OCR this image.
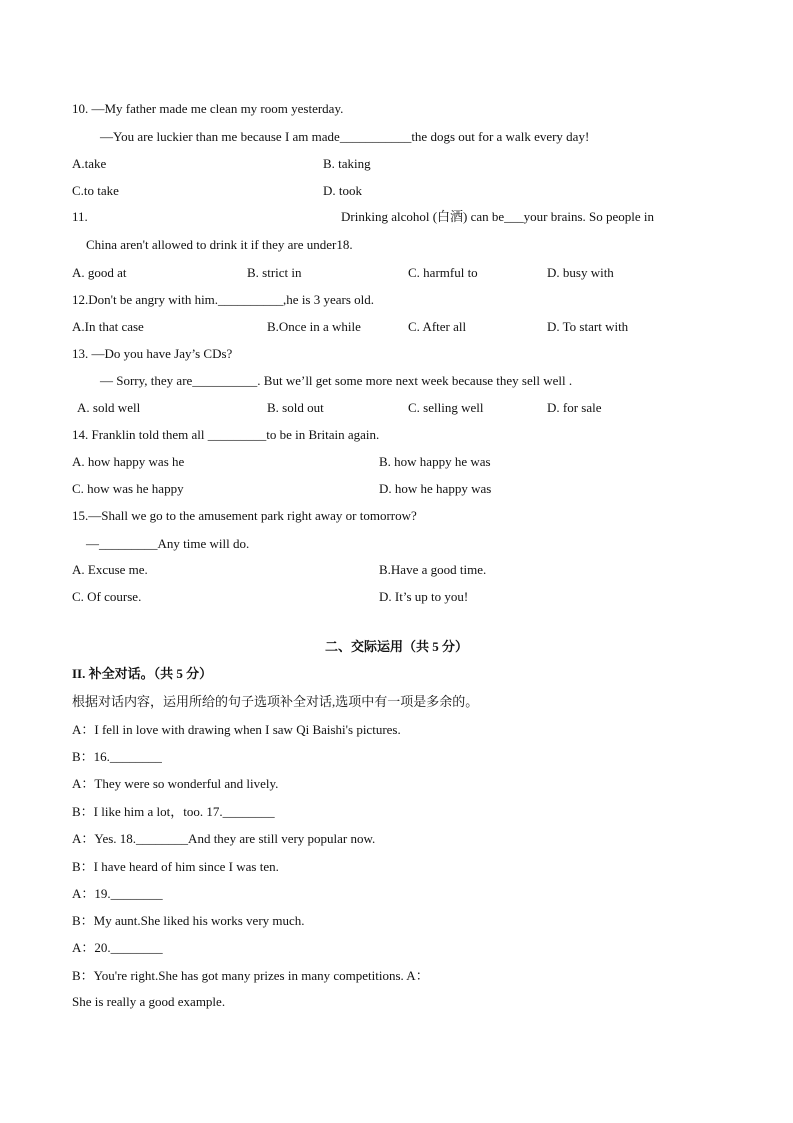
10. —My father made me clean my room yesterday.
—You are luckier than me because I am made___________the dogs out for a walk every day!
A.take	B. taking
C.to take	D. took
11.	Drinking alcohol (白酒) can be___your brains. So people in
China aren't allowed to drink it if they are under18.
A. good at	B. strict in	C. harmful to	D. busy with
12.Don't be angry with him.__________,he is 3 years old.
A.In that case	B.Once in a while	C. After all	D. To start with
13. —Do you have Jay’s CDs?
— Sorry, they are__________. But we’ll get some more next week because they sell well .
A. sold well	B. sold out	C. selling well	D. for sale
14. Franklin told them all _________to be in Britain again.
A. how happy was he	B. how happy he was
C. how was he happy	D. how he happy was
15.—Shall we go to the amusement park right away or tomorrow?
—_________Any time will do.
A. Excuse me.	B.Have a good time.
C. Of course.	D. It’s up to you!
二、交际运用（共 5 分）
II. 补全对话。（共 5 分）
根据对话内容，运用所给的句子选项补全对话,选项中有一项是多余的。
A：I fell in love with drawing when I saw Qi Baishi's pictures.
B：16.________
A：They were so wonderful and lively.
B：I like him a lot，too. 17.________
A：Yes. 18.________And they are still very popular now.
B：I have heard of him since I was ten.
A：19.________
B：My aunt.She liked his works very much.
A：20.________
B：You're right.She has got many prizes in many competitions. A：
She is really a good example.
